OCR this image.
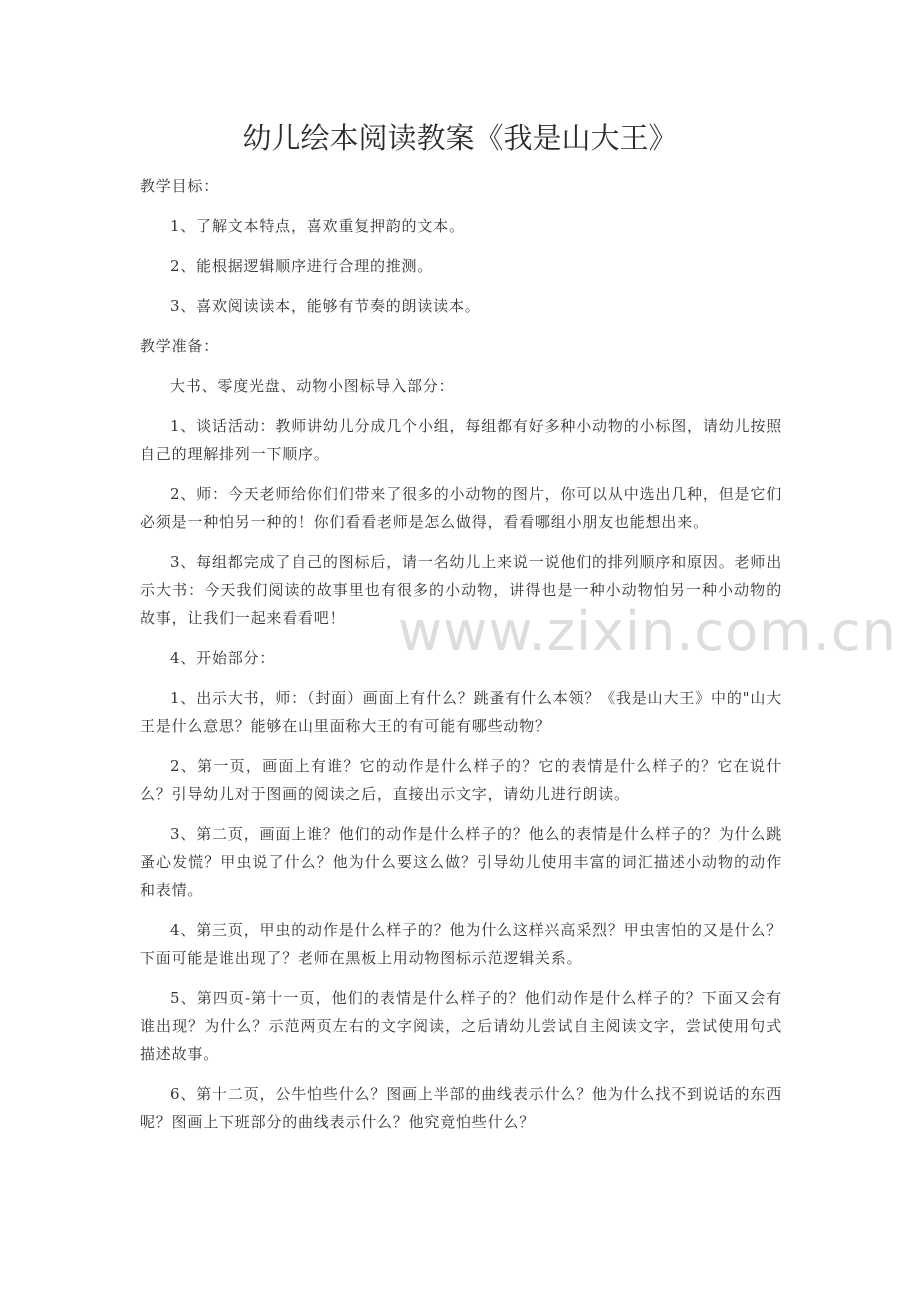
幼儿绘本阅读教案《我是山大王》

教学目标：

1、了解文本特点，喜欢重复押韵的文本。

2、能根据逻辑顺序进行合理的推测。

3、喜欢阅读读本，能够有节奏的朗读读本。

教学准备：

大书、零度光盘、动物小图标导入部分：

1、谈话活动：教师讲幼儿分成几个小组，每组都有好多种小动物的小标图，请幼儿按照自己的理解排列一下顺序。

2、师：今天老师给你们们带来了很多的小动物的图片，你可以从中选出几种，但是它们必须是一种怕另一种的！你们看看老师是怎么做得，看看哪组小朋友也能想出来。

3、每组都完成了自己的图标后，请一名幼儿上来说一说他们的排列顺序和原因。老师出示大书：今天我们阅读的故事里也有很多的小动物，讲得也是一种小动物怕另一种小动物的故事，让我们一起来看看吧！

4、开始部分：

1、出示大书，师：（封面）画面上有什么？跳蚤有什么本领？《我是山大王》中的"山大王是什么意思？能够在山里面称大王的有可能有哪些动物？

2、第一页，画面上有谁？它的动作是什么样子的？它的表情是什么样子的？它在说什么？引导幼儿对于图画的阅读之后，直接出示文字，请幼儿进行朗读。

3、第二页，画面上谁？他们的动作是什么样子的？他么的表情是什么样子的？为什么跳蚤心发慌？甲虫说了什么？他为什么要这么做？引导幼儿使用丰富的词汇描述小动物的动作和表情。

4、第三页，甲虫的动作是什么样子的？他为什么这样兴高采烈？甲虫害怕的又是什么？下面可能是谁出现了？老师在黑板上用动物图标示范逻辑关系。

5、第四页-第十一页，他们的表情是什么样子的？他们动作是什么样子的？下面又会有谁出现？为什么？示范两页左右的文字阅读，之后请幼儿尝试自主阅读文字，尝试使用句式描述故事。

6、第十二页，公牛怕些什么？图画上半部的曲线表示什么？他为什么找不到说话的东西呢？图画上下班部分的曲线表示什么？他究竟怕些什么？

www.zixin.com.cn
